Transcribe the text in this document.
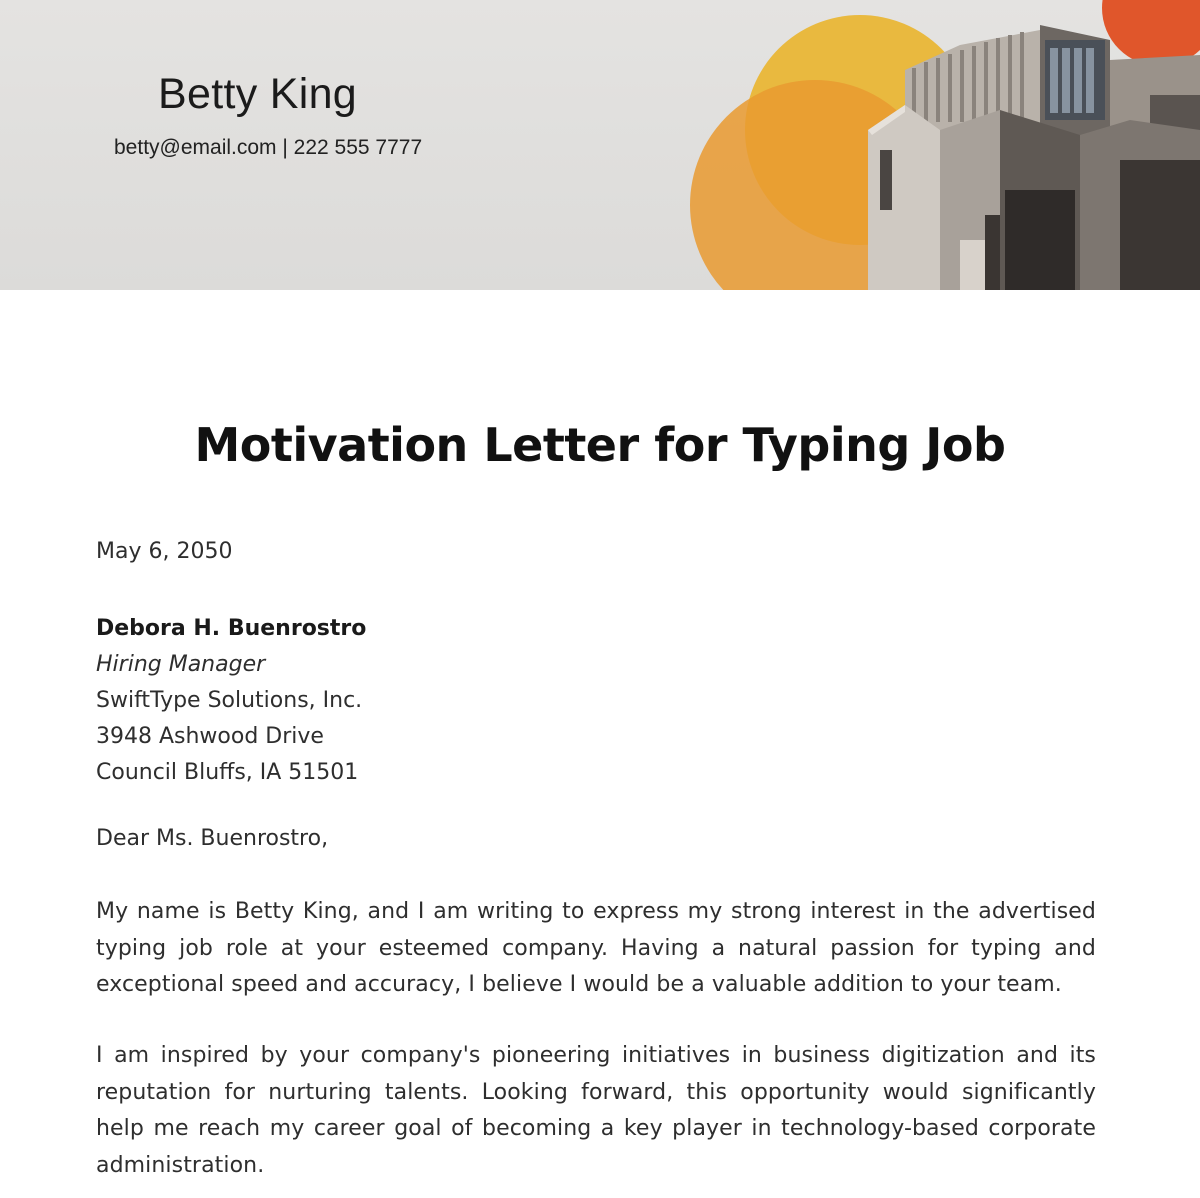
Betty King
betty@email.com | 222 555 7777
Motivation Letter for Typing Job
May 6, 2050
Debora H. Buenrostro
Hiring Manager
SwiftType Solutions, Inc.
3948 Ashwood Drive
Council Bluffs, IA 51501
Dear Ms. Buenrostro,
My name is Betty King, and I am writing to express my strong interest in the advertised
typing job role at your esteemed company. Having a natural passion for typing and
exceptional speed and accuracy, I believe I would be a valuable addition to your team.
I am inspired by your company's pioneering initiatives in business digitization and its
reputation for nurturing talents. Looking forward, this opportunity would significantly
help me reach my career goal of becoming a key player in technology-based corporate
administration.
